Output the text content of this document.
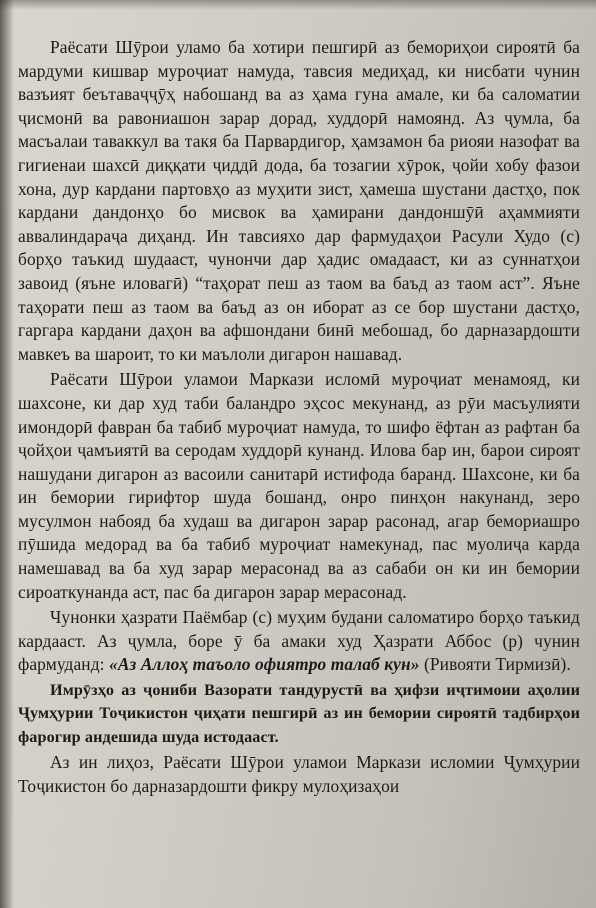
Раёсати Шӯрои уламо ба хотири пешгирӣ аз бемориҳои сироятӣ ба мардуми кишвар муроҷиат намуда, тавсия медиҳад, ки нисбати чунин вазъият беътаваҷҷӯҳ набошанд ва аз ҳама гуна амале, ки ба саломатии ҷисмонӣ ва равониашон зарар дорад, худдорӣ намоянд. Аз ҷумла, ба масъалаи таваккул ва такя ба Парвардигор, ҳамзамон ба риояи назофат ва гигиенаи шахсӣ диққати ҷиддӣ дода, ба тозагии хӯрок, ҷойи хобу фазои хона, дур кардани партовҳо аз муҳити зист, ҳамеша шустани дастҳо, пок кардани дандонҳо бо мисвок ва ҳамирани дандоншӯӣ аҳаммияти аввалиндараҷа диҳанд. Ин тавсияхо дар фармудаҳои Расули Худо (с) борҳо таъкид шудааст, чунончи дар ҳадис омадааст, ки аз суннатҳои завоид (яъне иловагӣ) “таҳорат пеш аз таом ва баъд аз таом аст”. Яъне таҳорати пеш аз таом ва баъд аз он иборат аз се бор шустани дастҳо, гаргара кардани даҳон ва афшондани бинӣ мебошад, бо дарназардошти мавкеъ ва шароит, то ки маълоли дигарон нашавад.

Раёсати Шӯрои уламои Маркази исломӣ муроҷиат менамояд, ки шахсоне, ки дар худ таби баландро эҳсос мекунанд, аз рӯи масъулияти имондорӣ фавран ба табиб муроҷиат намуда, то шифо ёфтан аз рафтан ба ҷойҳои ҷамъиятӣ ва серодам худдорӣ кунанд. Илова бар ин, барои сироят нашудани дигарон аз васоили санитарӣ истифода баранд. Шахсоне, ки ба ин бемории гирифтор шуда бошанд, онро пинҳон накунанд, зеро мусулмон набояд ба худаш ва дигарон зарар расонад, агар бемориашро пӯшида медорад ва ба табиб муроҷиат намекунад, пас муолиҷа карда намешавад ва ба худ зарар мерасонад ва аз сабаби он ки ин бемории сироаткунанда аст, пас ба дигарон зарар мерасонад.

Чунонки ҳазрати Паёмбар (с) муҳим будани саломатиро борҳо таъкид кардааст. Аз ҷумла, боре ӯ ба амаки худ Ҳазрати Аббос (р) чунин фармуданд: «Аз Аллоҳ таъоло офиятро талаб кун» (Ривояти Тирмизӣ).

Имрӯзҳо аз ҷониби Вазорати тандурустӣ ва ҳифзи иҷтимоии аҳолии Ҷумҳурии Тоҷикистон ҷиҳати пешгирӣ аз ин бемории сироятӣ тадбирҳои фарогир андешида шуда истодааст.

Аз ин лиҳоз, Раёсати Шӯрои уламои Маркази исломии Ҷумҳурии Тоҷикистон бо дарназардошти фикру мулоҳизаҳои
